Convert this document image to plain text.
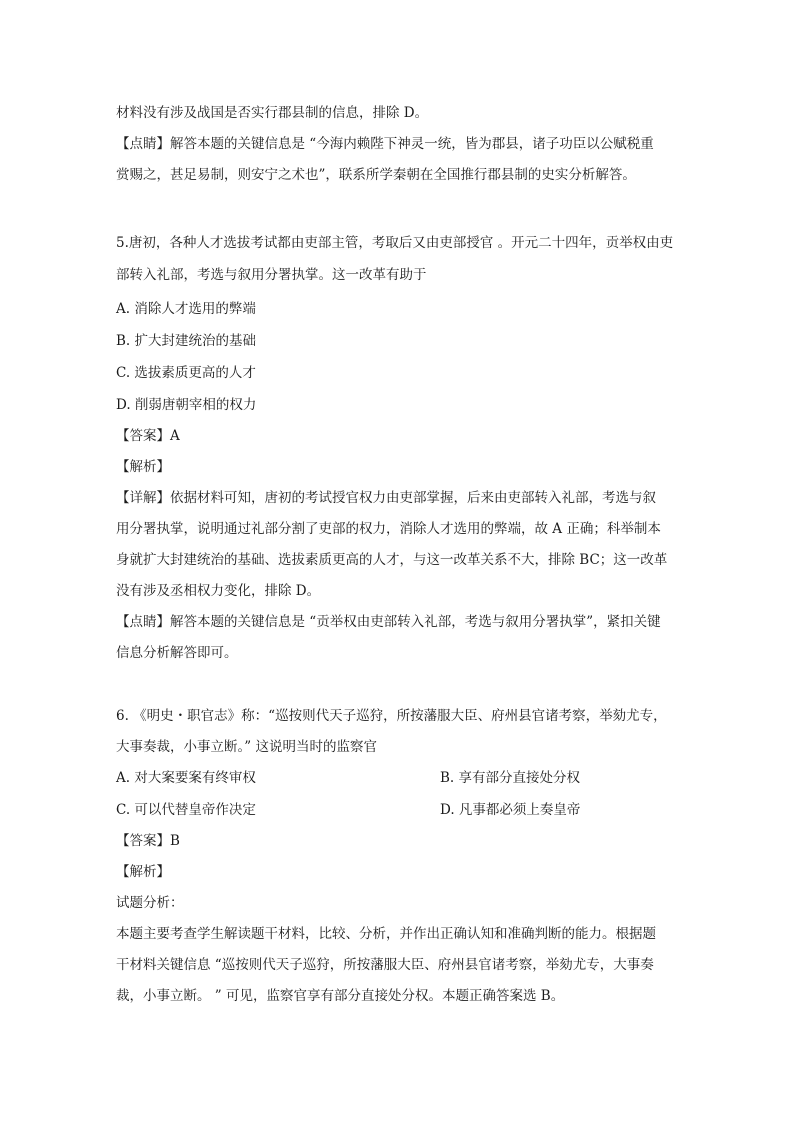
材料没有涉及战国是否实行郡县制的信息，排除 D。
【点睛】解答本题的关键信息是 “今海内赖陛下神灵一统，皆为郡县，诸子功臣以公赋税重
赏赐之，甚足易制，则安宁之术也”，联系所学秦朝在全国推行郡县制的史实分析解答。
5.唐初，各种人才选拔考试都由吏部主管，考取后又由吏部授官 。开元二十四年，贡举权由吏
部转入礼部，考选与叙用分署执掌。这一改革有助于
A. 消除人才选用的弊端
B. 扩大封建统治的基础
C. 选拔素质更高的人才
D. 削弱唐朝宰相的权力
【答案】A
【解析】
【详解】依据材料可知，唐初的考试授官权力由吏部掌握，后来由吏部转入礼部，考选与叙
用分署执掌，说明通过礼部分割了吏部的权力，消除人才选用的弊端，故 A 正确；科举制本
身就扩大封建统治的基础、选拔素质更高的人才，与这一改革关系不大，排除 BC；这一改革
没有涉及丞相权力变化，排除 D。
【点睛】解答本题的关键信息是 “贡举权由吏部转入礼部，考选与叙用分署执掌”，紧扣关键
信息分析解答即可。
6. 《明史・职官志》称：“巡按则代天子巡狩，所按藩服大臣、府州县官诸考察，举劾尤专，
大事奏裁，小事立断。” 这说明当时的监察官
A. 对大案要案有终审权	B. 享有部分直接处分权
C. 可以代替皇帝作决定	D. 凡事都必须上奏皇帝
【答案】B
【解析】
试题分析：
本题主要考查学生解读题干材料，比较、分析，并作出正确认知和准确判断的能力。根据题
干材料关键信息 “巡按则代天子巡狩，所按藩服大臣、府州县官诸考察，举劾尤专，大事奏
裁，小事立断。 ” 可见，监察官享有部分直接处分权。本题正确答案选 B。
